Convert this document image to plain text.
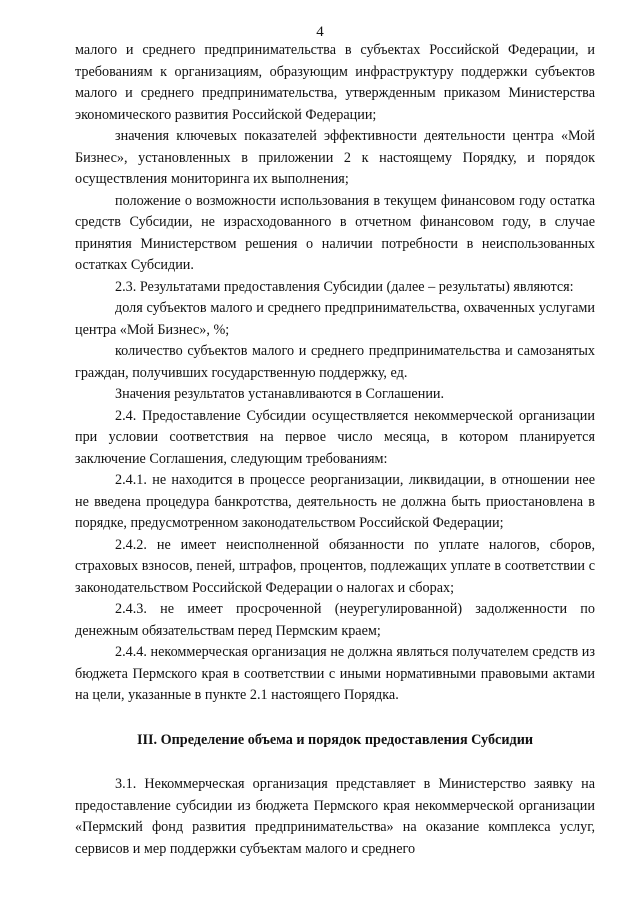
4

малого и среднего предпринимательства в субъектах Российской Федерации, и требованиям к организациям, образующим инфраструктуру поддержки субъектов малого и среднего предпринимательства, утвержденным приказом Министерства экономического развития Российской Федерации;

значения ключевых показателей эффективности деятельности центра «Мой Бизнес», установленных в приложении 2 к настоящему Порядку, и порядок осуществления мониторинга их выполнения;

положение о возможности использования в текущем финансовом году остатка средств Субсидии, не израсходованного в отчетном финансовом году, в случае принятия Министерством решения о наличии потребности в неиспользованных остатках Субсидии.

2.3. Результатами предоставления Субсидии (далее – результаты) являются:

доля субъектов малого и среднего предпринимательства, охваченных услугами центра «Мой Бизнес», %;

количество субъектов малого и среднего предпринимательства и самозанятых граждан, получивших государственную поддержку, ед.

Значения результатов устанавливаются в Соглашении.

2.4. Предоставление Субсидии осуществляется некоммерческой организации при условии соответствия на первое число месяца, в котором планируется заключение Соглашения, следующим требованиям:

2.4.1. не находится в процессе реорганизации, ликвидации, в отношении нее не введена процедура банкротства, деятельность не должна быть приостановлена в порядке, предусмотренном законодательством Российской Федерации;

2.4.2. не имеет неисполненной обязанности по уплате налогов, сборов, страховых взносов, пеней, штрафов, процентов, подлежащих уплате в соответствии с законодательством Российской Федерации о налогах и сборах;

2.4.3. не имеет просроченной (неурегулированной) задолженности по денежным обязательствам перед Пермским краем;

2.4.4. некоммерческая организация не должна являться получателем средств из бюджета Пермского края в соответствии с иными нормативными правовыми актами на цели, указанные в пункте 2.1 настоящего Порядка.

III. Определение объема и порядок предоставления Субсидии

3.1. Некоммерческая организация представляет в Министерство заявку на предоставление субсидии из бюджета Пермского края некоммерческой организации «Пермский фонд развития предпринимательства» на оказание комплекса услуг, сервисов и мер поддержки субъектам малого и среднего
